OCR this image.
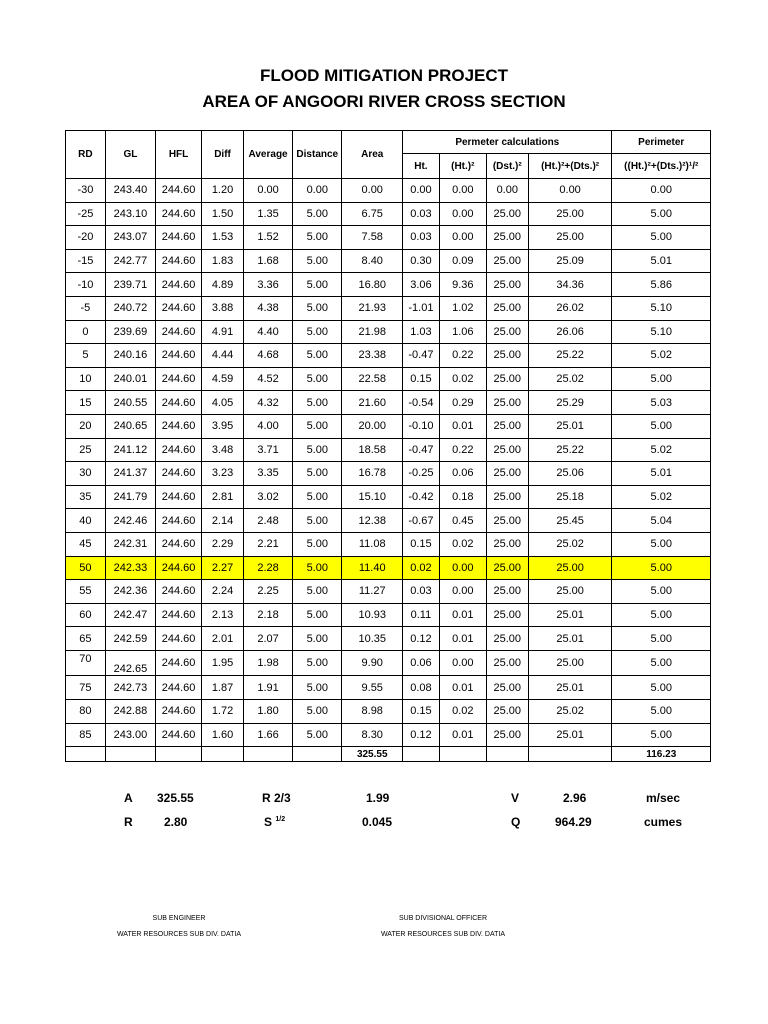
FLOOD MITIGATION PROJECT
AREA OF ANGOORI RIVER CROSS SECTION
RD	GL	HFL	Diff	Average	Distance	Area	Permeter calculations				Perimeter
							Ht.	(Ht.)²	(Dst.)²	(Ht.)²+(Dts.)²	((Ht.)²+(Dts.)²)¹/²
-30	243.40	244.60	1.20	0.00	0.00	0.00	0.00	0.00	0.00	0.00	0.00
-25	243.10	244.60	1.50	1.35	5.00	6.75	0.03	0.00	25.00	25.00	5.00
-20	243.07	244.60	1.53	1.52	5.00	7.58	0.03	0.00	25.00	25.00	5.00
-15	242.77	244.60	1.83	1.68	5.00	8.40	0.30	0.09	25.00	25.09	5.01
-10	239.71	244.60	4.89	3.36	5.00	16.80	3.06	9.36	25.00	34.36	5.86
-5	240.72	244.60	3.88	4.38	5.00	21.93	-1.01	1.02	25.00	26.02	5.10
0	239.69	244.60	4.91	4.40	5.00	21.98	1.03	1.06	25.00	26.06	5.10
5	240.16	244.60	4.44	4.68	5.00	23.38	-0.47	0.22	25.00	25.22	5.02
10	240.01	244.60	4.59	4.52	5.00	22.58	0.15	0.02	25.00	25.02	5.00
15	240.55	244.60	4.05	4.32	5.00	21.60	-0.54	0.29	25.00	25.29	5.03
20	240.65	244.60	3.95	4.00	5.00	20.00	-0.10	0.01	25.00	25.01	5.00
25	241.12	244.60	3.48	3.71	5.00	18.58	-0.47	0.22	25.00	25.22	5.02
30	241.37	244.60	3.23	3.35	5.00	16.78	-0.25	0.06	25.00	25.06	5.01
35	241.79	244.60	2.81	3.02	5.00	15.10	-0.42	0.18	25.00	25.18	5.02
40	242.46	244.60	2.14	2.48	5.00	12.38	-0.67	0.45	25.00	25.45	5.04
45	242.31	244.60	2.29	2.21	5.00	11.08	0.15	0.02	25.00	25.02	5.00
50	242.33	244.60	2.27	2.28	5.00	11.40	0.02	0.00	25.00	25.00	5.00
55	242.36	244.60	2.24	2.25	5.00	11.27	0.03	0.00	25.00	25.00	5.00
60	242.47	244.60	2.13	2.18	5.00	10.93	0.11	0.01	25.00	25.01	5.00
65	242.59	244.60	2.01	2.07	5.00	10.35	0.12	0.01	25.00	25.01	5.00
70	242.65	244.60	1.95	1.98	5.00	9.90	0.06	0.00	25.00	25.00	5.00
75	242.73	244.60	1.87	1.91	5.00	9.55	0.08	0.01	25.00	25.01	5.00
80	242.88	244.60	1.72	1.80	5.00	8.98	0.15	0.02	25.00	25.02	5.00
85	243.00	244.60	1.60	1.66	5.00	8.30	0.12	0.01	25.00	25.01	5.00
						325.55					116.23
A 325.55	R 2/3	1.99	V	2.96	m/sec
R	2.80	S $^{1/2}$	0.045	Q	964.29	cumes
SUB ENGINEER
WATER RESOURCES SUB DIV. DATIA
SUB DIVISIONAL OFFICER
WATER RESOURCES SUB DIV. DATIA
